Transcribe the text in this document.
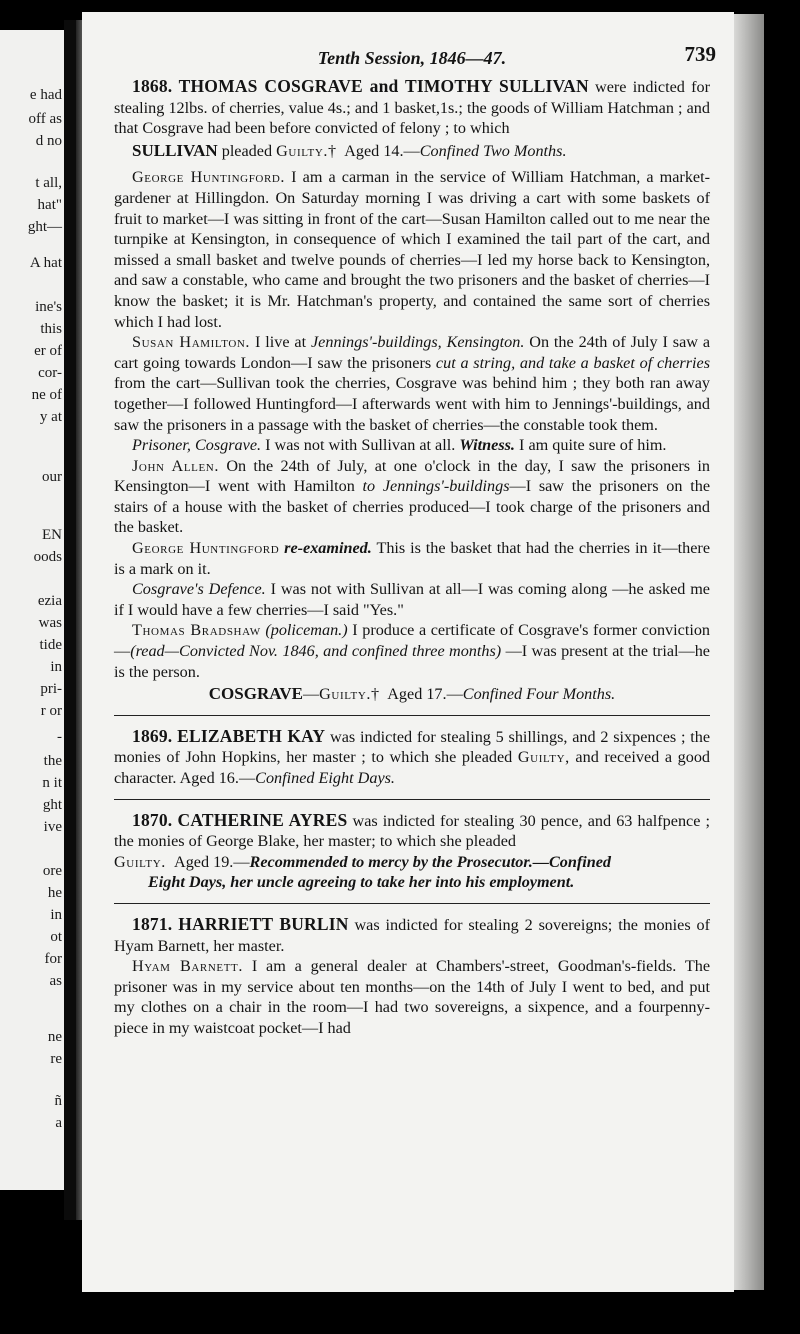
e had
off as
d no
t all,
hat"
ght—
A hat
ine's
this
er of
cor-
ne of
y at
our
EN
oods
ezia
was
tide
in
pri-
r or
-
the
n it
ght
ive
ore
he
in
ot
for
as
ne
re
ñ
a
Tenth Session, 1846—47.	739

1868. THOMAS COSGRAVE and TIMOTHY SULLIVAN were indicted for stealing 12lbs. of cherries, value 4s.; and 1 basket,1s.; the goods of William Hatchman ; and that Cosgrave had been before convicted of felony ; to which

SULLIVAN pleaded Guilty.† Aged 14.—Confined Two Months.

George Huntingford. I am a carman in the service of William Hatchman, a market-gardener at Hillingdon. On Saturday morning I was driving a cart with some baskets of fruit to market—I was sitting in front of the cart—Susan Hamilton called out to me near the turnpike at Kensington, in consequence of which I examined the tail part of the cart, and missed a small basket and twelve pounds of cherries—I led my horse back to Kensington, and saw a constable, who came and brought the two prisoners and the basket of cherries—I know the basket; it is Mr. Hatchman's property, and contained the same sort of cherries which I had lost.

Susan Hamilton. I live at Jennings'-buildings, Kensington. On the 24th of July I saw a cart going towards London—I saw the prisoners cut a string, and take a basket of cherries from the cart—Sullivan took the cherries, Cosgrave was behind him ; they both ran away together—I followed Huntingford—I afterwards went with him to Jennings'-buildings, and saw the prisoners in a passage with the basket of cherries—the constable took them.

Prisoner, Cosgrave. I was not with Sullivan at all. Witness. I am quite sure of him.

John Allen. On the 24th of July, at one o'clock in the day, I saw the prisoners in Kensington—I went with Hamilton to Jennings'-buildings—I saw the prisoners on the stairs of a house with the basket of cherries produced—I took charge of the prisoners and the basket.

George Huntingford re-examined. This is the basket that had the cherries in it—there is a mark on it.

Cosgrave's Defence. I was not with Sullivan at all—I was coming along —he asked me if I would have a few cherries—I said "Yes."

Thomas Bradshaw (policeman.) I produce a certificate of Cosgrave's former conviction—(read—Convicted Nov. 1846, and confined three months) —I was present at the trial—he is the person.

COSGRAVE—Guilty.† Aged 17.—Confined Four Months.

1869. ELIZABETH KAY was indicted for stealing 5 shillings, and 2 sixpences ; the monies of John Hopkins, her master ; to which she pleaded Guilty, and received a good character. Aged 16.—Confined Eight Days.

1870. CATHERINE AYRES was indicted for stealing 30 pence, and 63 halfpence ; the monies of George Blake, her master; to which she pleaded

Guilty. Aged 19.—Recommended to mercy by the Prosecutor.—Confined

Eight Days, her uncle agreeing to take her into his employment.

1871. HARRIETT BURLIN was indicted for stealing 2 sovereigns; the monies of Hyam Barnett, her master.

Hyam Barnett. I am a general dealer at Chambers'-street, Goodman's-fields. The prisoner was in my service about ten months—on the 14th of July I went to bed, and put my clothes on a chair in the room—I had two sovereigns, a sixpence, and a fourpenny-piece in my waistcoat pocket—I had
